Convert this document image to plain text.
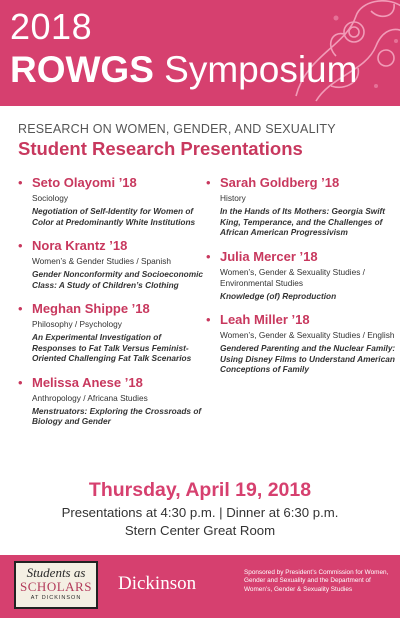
2018
ROWGS Symposium
RESEARCH ON WOMEN, GENDER, AND SEXUALITY
Student Research Presentations
• Seto Olayomi ’18
Sociology
Negotiation of Self-Identity for Women of Color at Predominantly White Institutions
• Nora Krantz ’18
Women’s & Gender Studies / Spanish
Gender Nonconformity and Socioeconomic Class: A Study of Children’s Clothing
• Meghan Shippe ’18
Philosophy / Psychology
An Experimental Investigation of Responses to Fat Talk Versus Feminist-Oriented Challenging Fat Talk Scenarios
• Melissa Anese ’18
Anthropology / Africana Studies
Menstruators: Exploring the Crossroads of Biology and Gender
• Sarah Goldberg ’18
History
In the Hands of Its Mothers: Georgia Swift King, Temperance, and the Challenges of African American Progressivism
• Julia Mercer ’18
Women’s, Gender & Sexuality Studies / Environmental Studies
Knowledge (of) Reproduction
• Leah Miller ’18
Women’s, Gender & Sexuality Studies / English
Gendered Parenting and the Nuclear Family: Using Disney Films to Understand American Conceptions of Family
Thursday, April 19, 2018
Presentations at 4:30 p.m. | Dinner at 6:30 p.m.
Stern Center Great Room
Students as
SCHOLARS
AT DICKINSON
Dickinson
Sponsored by President’s Commission for Women, Gender and Sexuality and the Department of Women’s, Gender & Sexuality Studies
